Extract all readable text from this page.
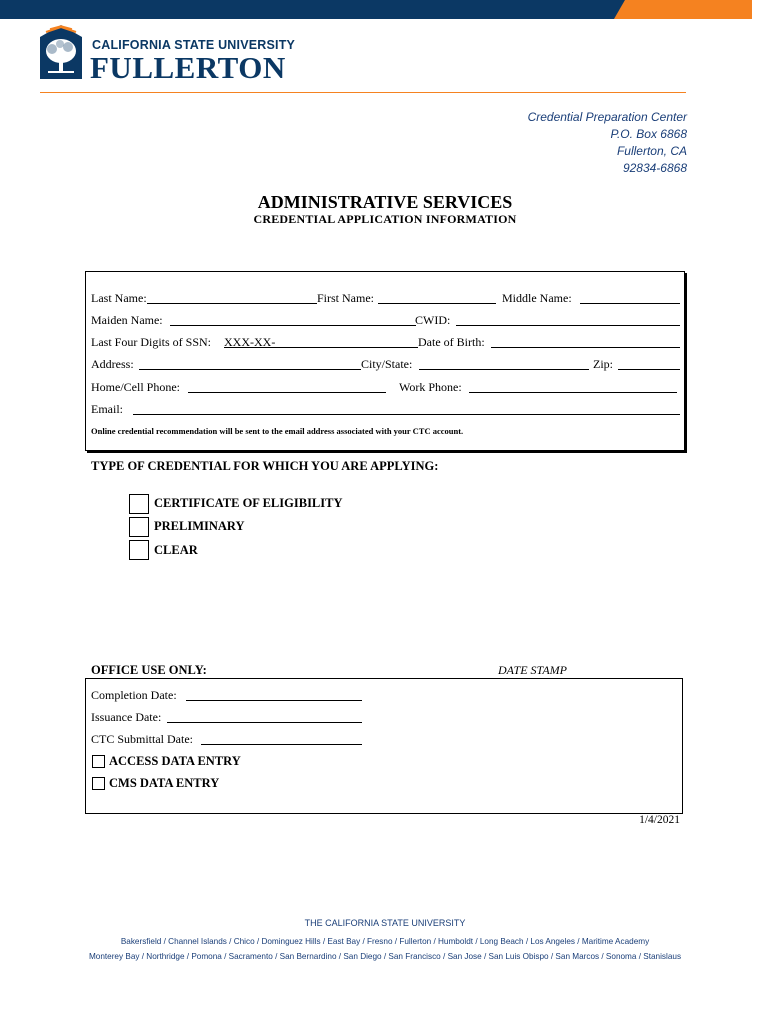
CALIFORNIA STATE UNIVERSITY
FULLERTON
Credential Preparation Center
P.O. Box 6868
Fullerton, CA
92834-6868
ADMINISTRATIVE SERVICES
CREDENTIAL APPLICATION INFORMATION
Last Name:	First Name:	Middle Name:
Maiden Name:	CWID:
Last Four Digits of SSN: XXX-XX-	Date of Birth:
Address:	City/State:	Zip:
Home/Cell Phone:	Work Phone:
Email:
Online credential recommendation will be sent to the email address associated with your CTC account.
TYPE OF CREDENTIAL FOR WHICH YOU ARE APPLYING:
CERTIFICATE OF ELIGIBILITY
PRELIMINARY
CLEAR
OFFICE USE ONLY:	DATE STAMP
Completion Date:
Issuance Date:
CTC Submittal Date:
ACCESS DATA ENTRY
CMS DATA ENTRY
1/4/2021
THE CALIFORNIA STATE UNIVERSITY
Bakersfield / Channel Islands / Chico / Dominguez Hills / East Bay / Fresno / Fullerton / Humboldt / Long Beach / Los Angeles / Maritime Academy
Monterey Bay / Northridge / Pomona / Sacramento / San Bernardino / San Diego / San Francisco / San Jose / San Luis Obispo / San Marcos / Sonoma / Stanislaus
